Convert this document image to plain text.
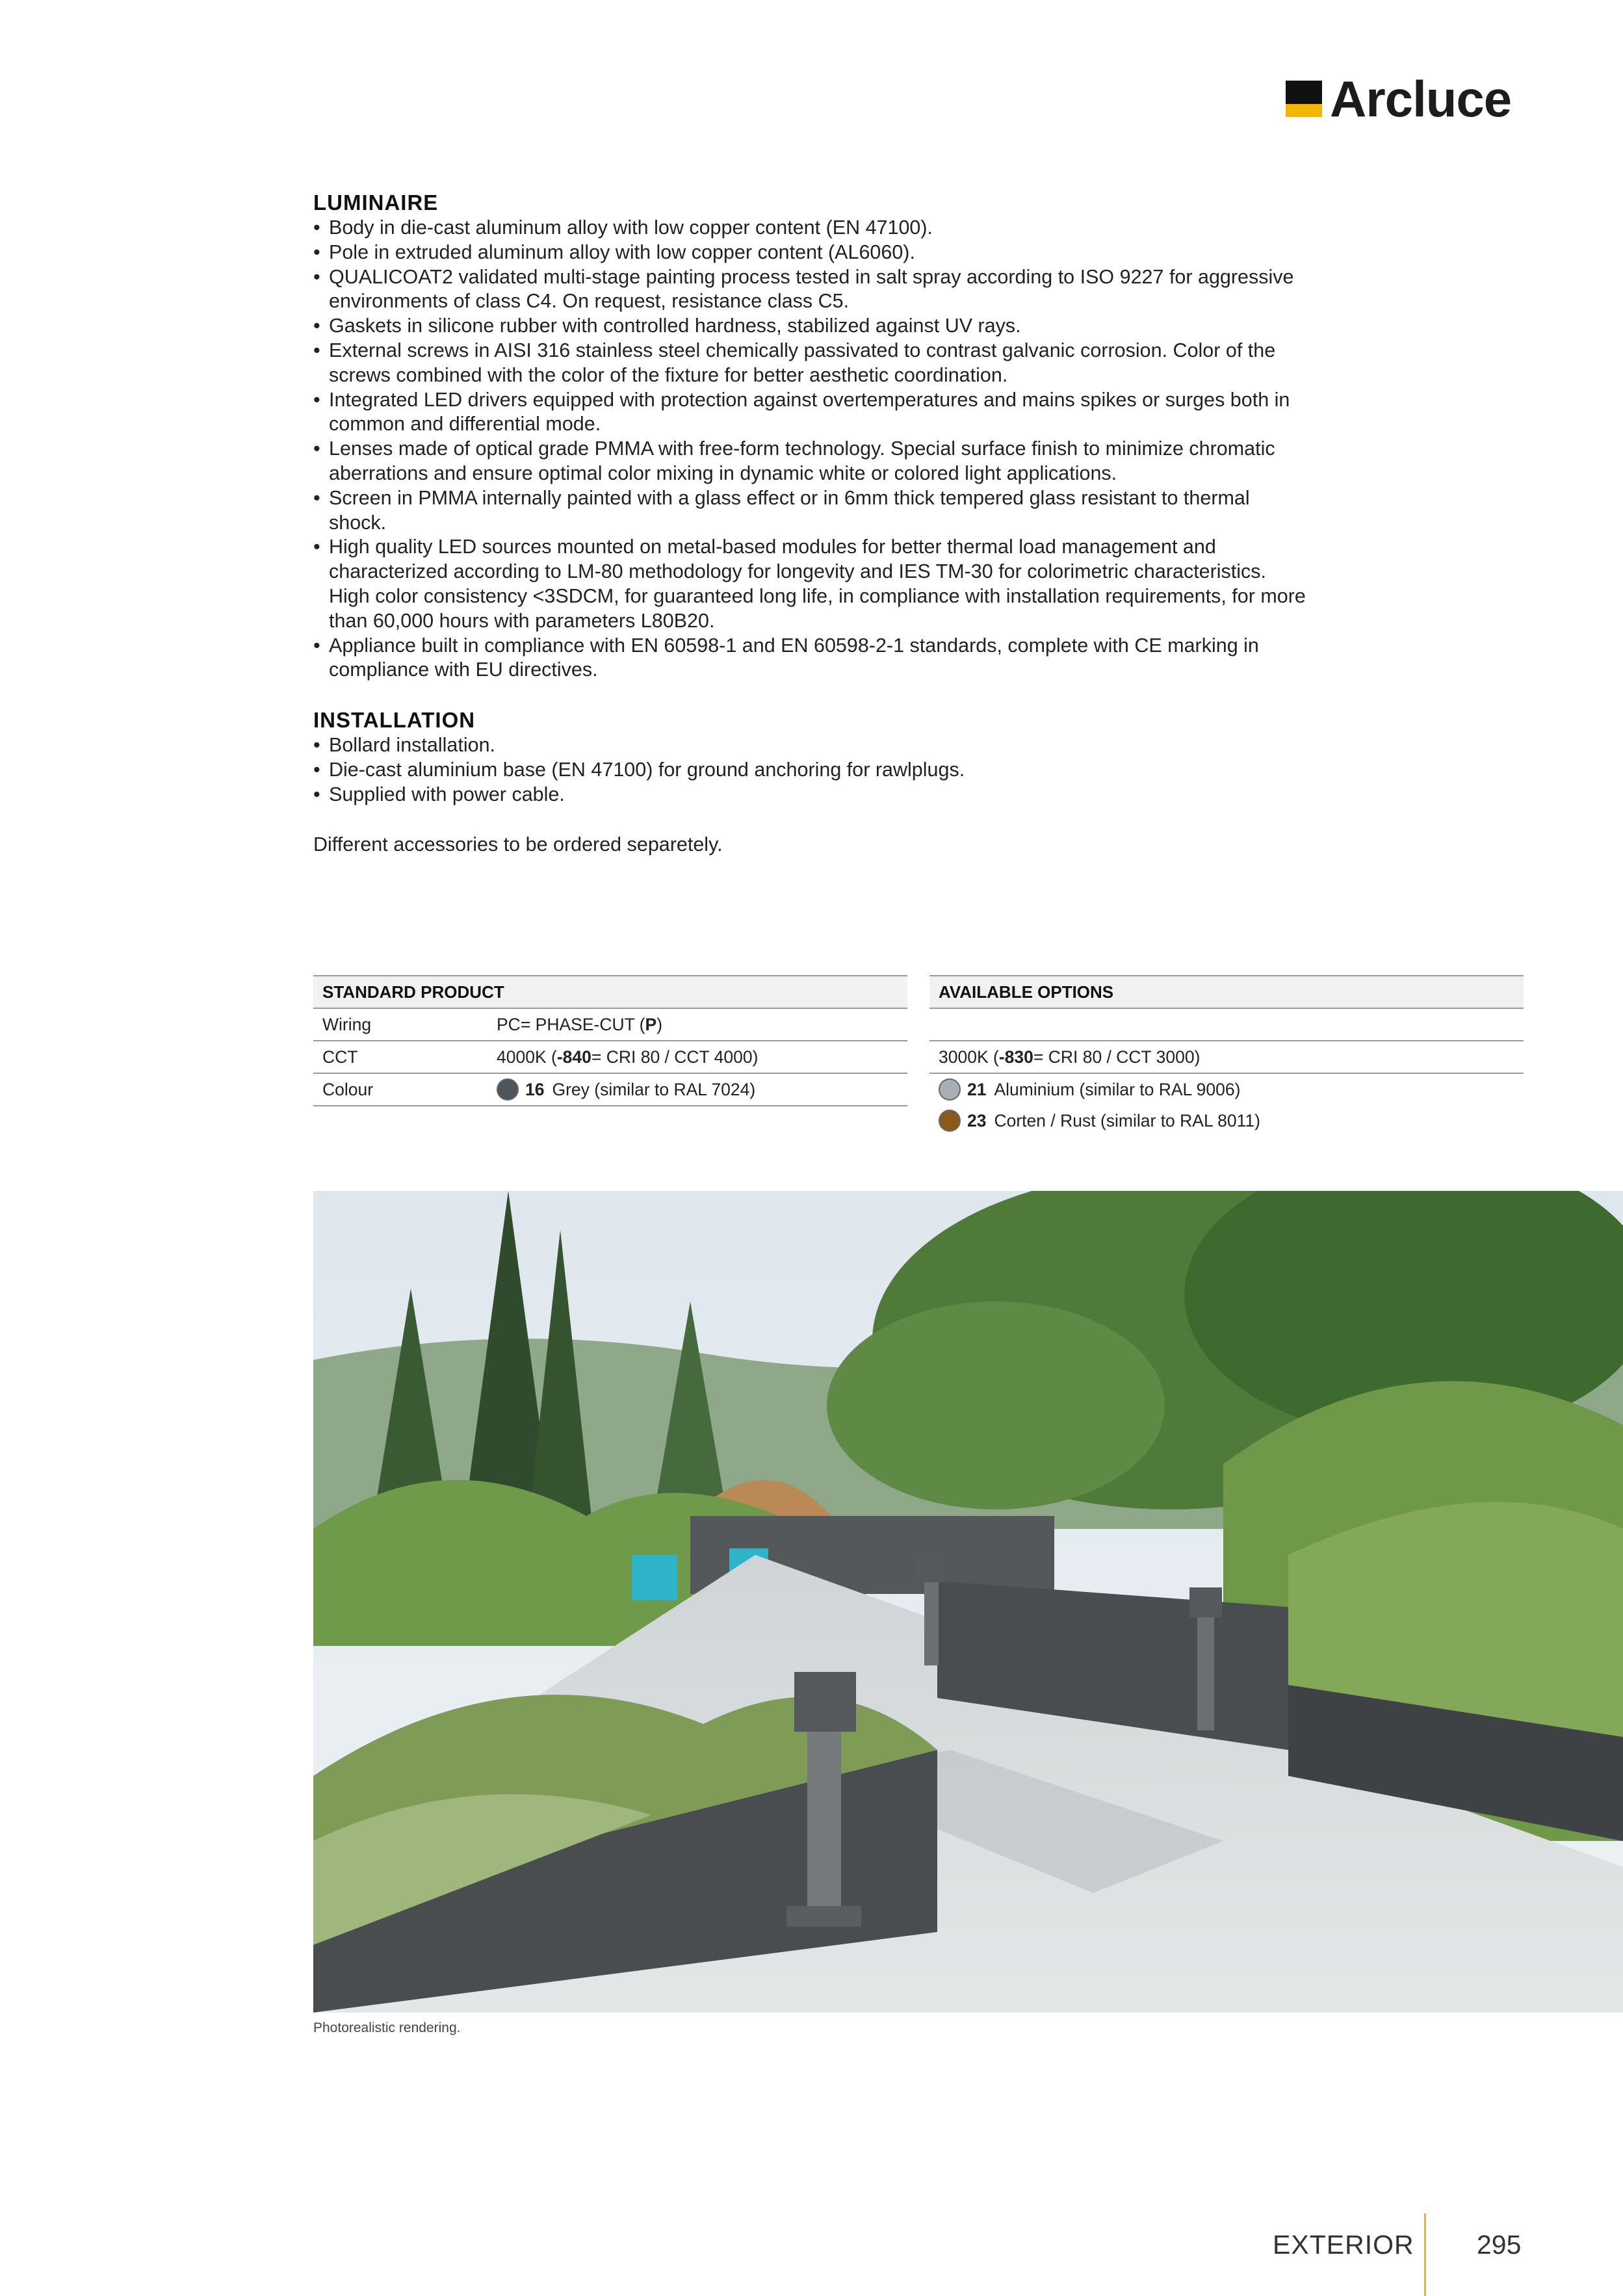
Arcluce
LUMINAIRE
• Body in die-cast aluminum alloy with low copper content (EN 47100).
• Pole in extruded aluminum alloy with low copper content (AL6060).
• QUALICOAT2 validated multi-stage painting process tested in salt spray according to ISO 9227 for aggressive environments of class C4. On request, resistance class C5.
• Gaskets in silicone rubber with controlled hardness, stabilized against UV rays.
• External screws in AISI 316 stainless steel chemically passivated to contrast galvanic corrosion. Color of the screws combined with the color of the fixture for better aesthetic coordination.
• Integrated LED drivers equipped with protection against overtemperatures and mains spikes or surges both in common and differential mode.
• Lenses made of optical grade PMMA with free-form technology. Special surface finish to minimize chromatic aberrations and ensure optimal color mixing in dynamic white or colored light applications.
• Screen in PMMA internally painted with a glass effect or in 6mm thick tempered glass resistant to thermal shock.
• High quality LED sources mounted on metal-based modules for better thermal load management and characterized according to LM-80 methodology for longevity and IES TM-30 for colorimetric characteristics. High color consistency <3SDCM, for guaranteed long life, in compliance with installation requirements, for more than 60,000 hours with parameters L80B20.
• Appliance built in compliance with EN 60598-1 and EN 60598-2-1 standards, complete with CE marking in compliance with EU directives.
INSTALLATION
• Bollard installation.
• Die-cast aluminium base (EN 47100) for ground anchoring for rawlplugs.
• Supplied with power cable.
Different accessories to be ordered separetely.
STANDARD PRODUCT
Wiring	PC= PHASE-CUT ( P )
CCT	4000K ( -840 = CRI 80 / CCT 4000)
Colour	16 Grey (similar to RAL 7024)
AVAILABLE OPTIONS
3000K ( -830 = CRI 80 / CCT 3000)
21 Aluminium (similar to RAL 9006)
23 Corten / Rust (similar to RAL 8011)
Photorealistic rendering.
EXTERIOR 295
